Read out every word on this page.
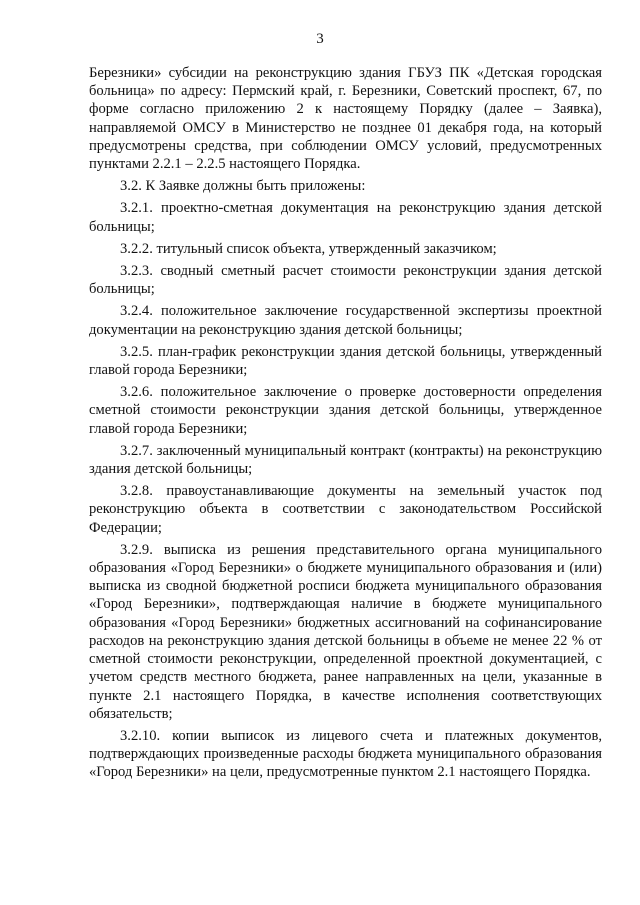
3

Березники» субсидии на реконструкцию здания ГБУЗ ПК «Детская городская больница» по адресу: Пермский край, г. Березники, Советский проспект, 67, по форме согласно приложению 2 к настоящему Порядку (далее – Заявка), направляемой ОМСУ в Министерство не позднее 01 декабря года, на который предусмотрены средства, при соблюдении ОМСУ условий, предусмотренных пунктами 2.2.1 – 2.2.5 настоящего Порядка.

3.2. К Заявке должны быть приложены:

3.2.1. проектно-сметная документация на реконструкцию здания детской больницы;

3.2.2. титульный список объекта, утвержденный заказчиком;

3.2.3. сводный сметный расчет стоимости реконструкции здания детской больницы;

3.2.4. положительное заключение государственной экспертизы проектной документации на реконструкцию здания детской больницы;

3.2.5. план-график реконструкции здания детской больницы, утвержденный главой города Березники;

3.2.6. положительное заключение о проверке достоверности определения сметной стоимости реконструкции здания детской больницы, утвержденное главой города Березники;

3.2.7. заключенный муниципальный контракт (контракты) на реконструкцию здания детской больницы;

3.2.8. правоустанавливающие документы на земельный участок под реконструкцию объекта в соответствии с законодательством Российской Федерации;

3.2.9. выписка из решения представительного органа муниципального образования «Город Березники» о бюджете муниципального образования и (или) выписка из сводной бюджетной росписи бюджета муниципального образования «Город Березники», подтверждающая наличие в бюджете муниципального образования «Город Березники» бюджетных ассигнований на софинансирование расходов на реконструкцию здания детской больницы в объеме не менее 22 % от сметной стоимости реконструкции, определенной проектной документацией, с учетом средств местного бюджета, ранее направленных на цели, указанные в пункте 2.1 настоящего Порядка, в качестве исполнения соответствующих обязательств;

3.2.10. копии выписок из лицевого счета и платежных документов, подтверждающих произведенные расходы бюджета муниципального образования «Город Березники» на цели, предусмотренные пунктом 2.1 настоящего Порядка.
